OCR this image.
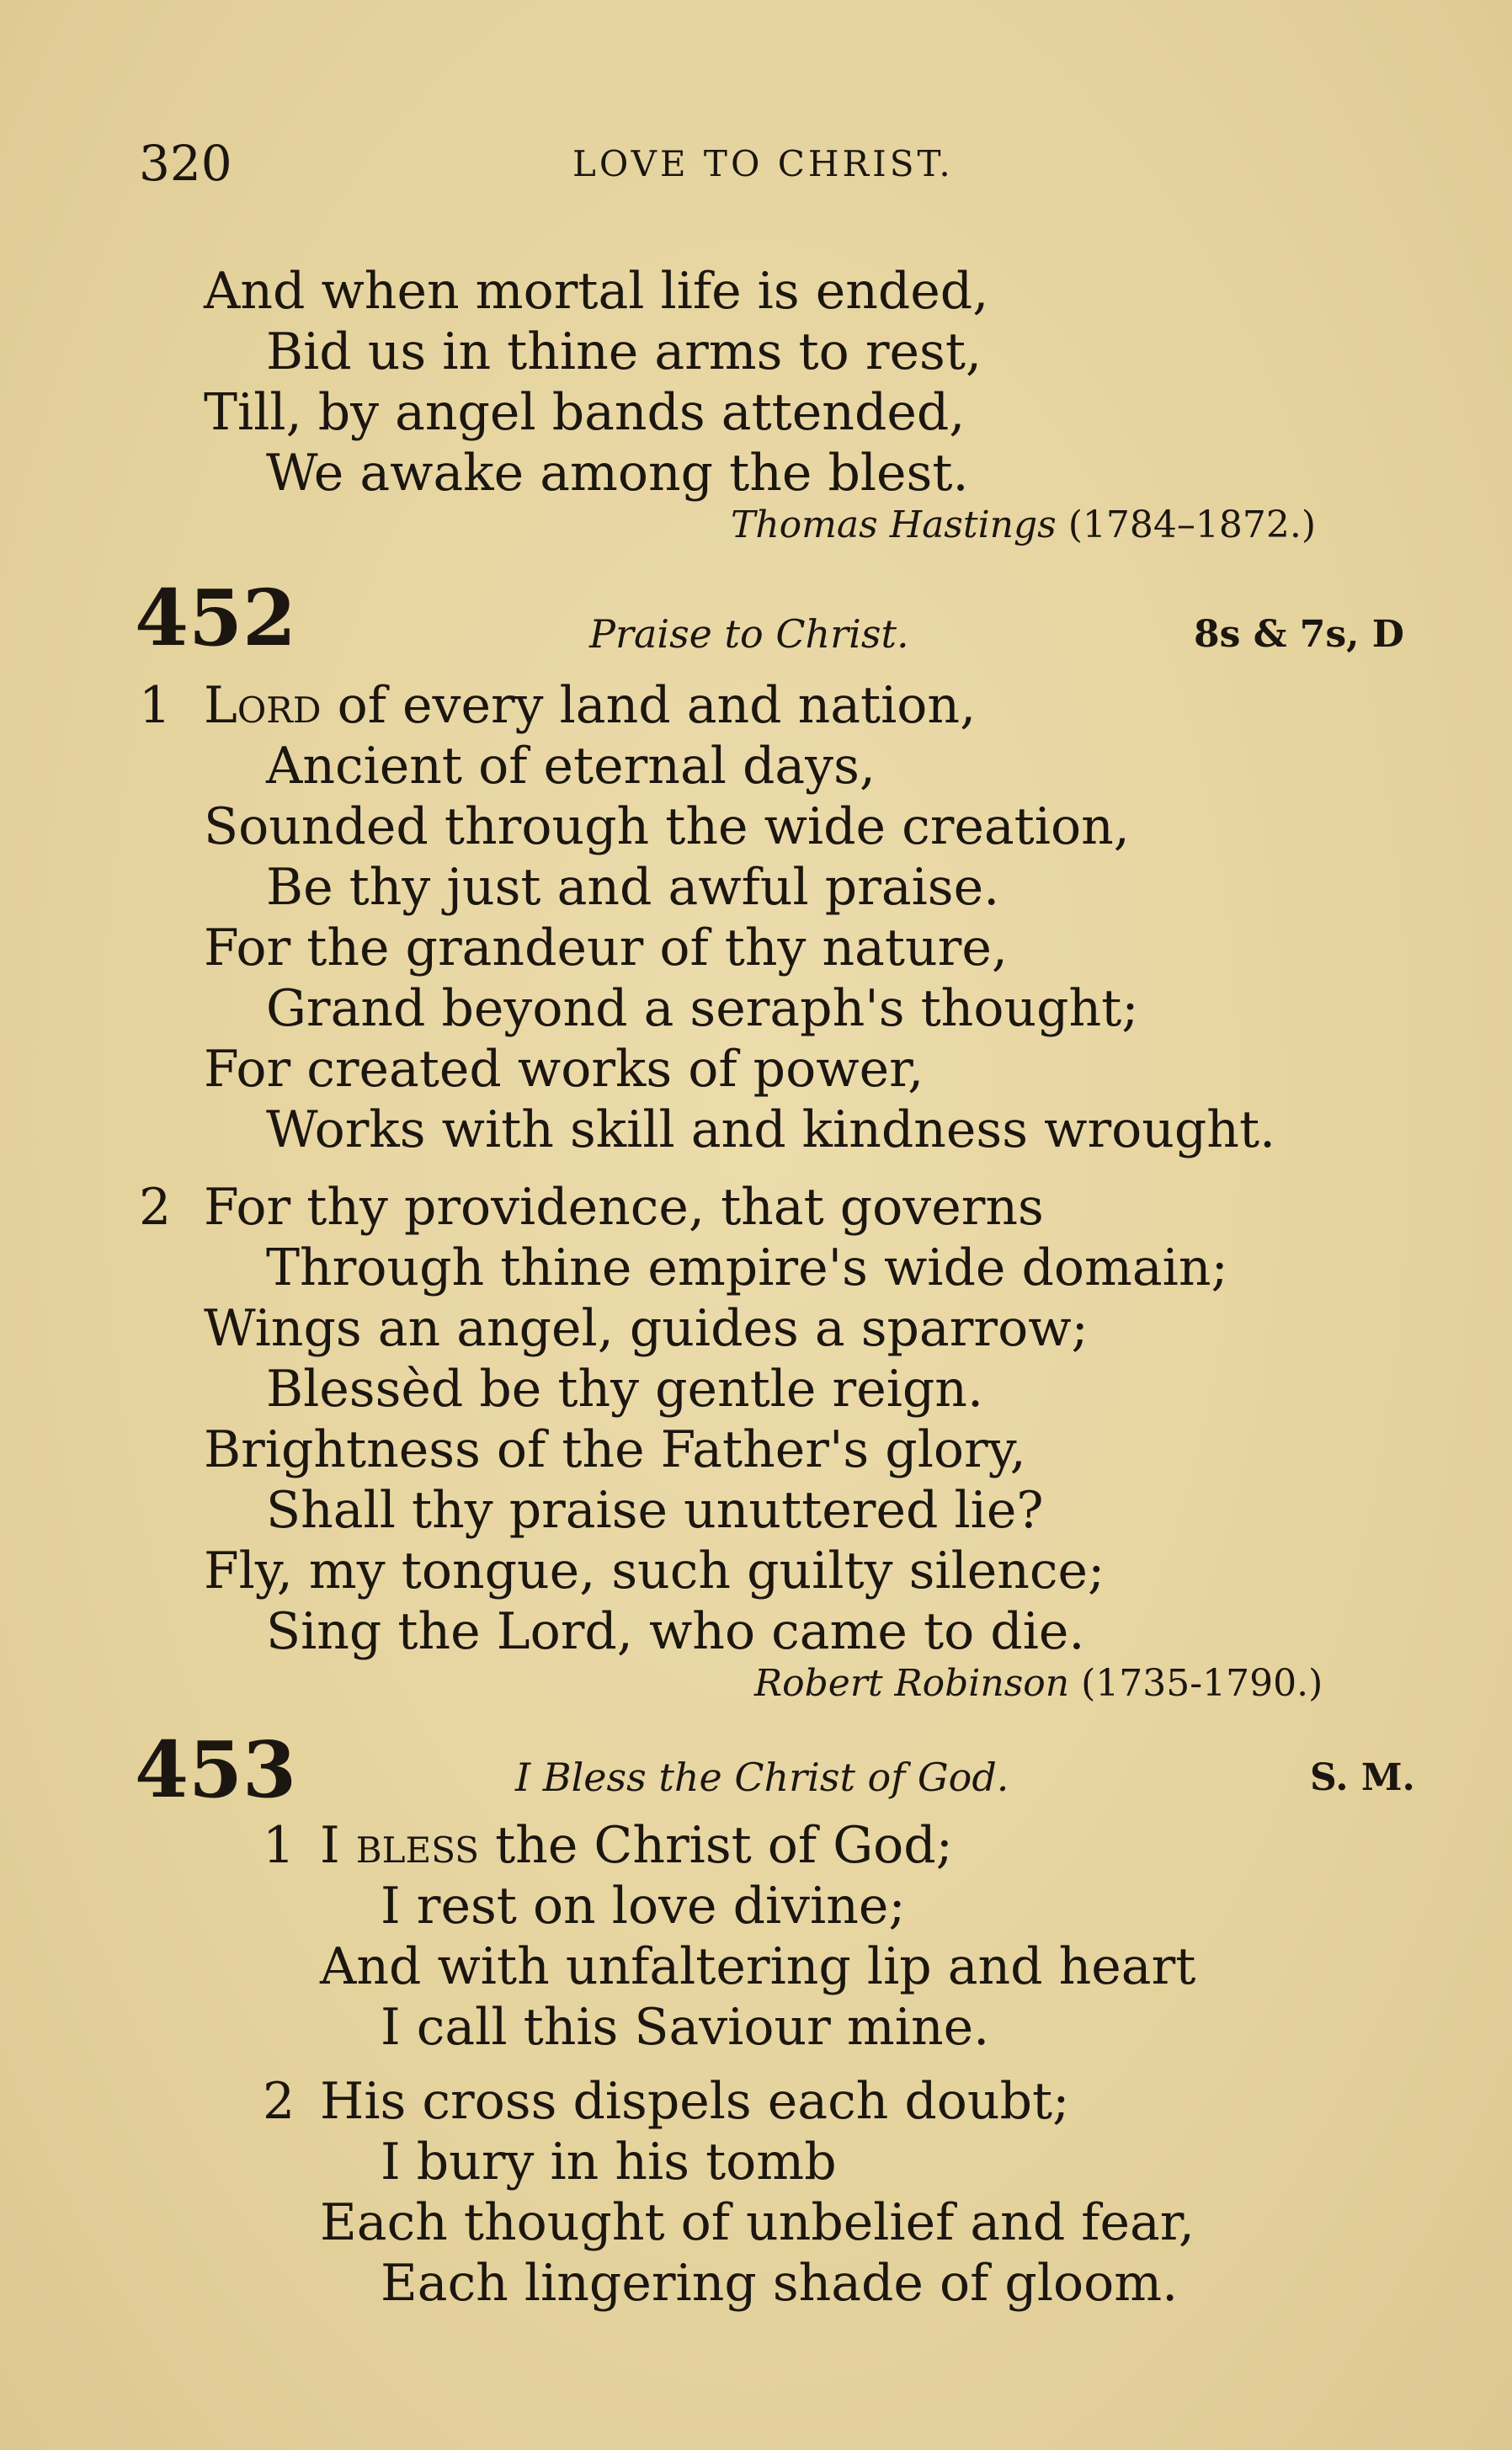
320	LOVE TO CHRIST.
And when mortal life is ended,
Bid us in thine arms to rest,
Till, by angel bands attended,
We awake among the blest.
Thomas Hastings (1784–1872.)
452	Praise to Christ.	8s & 7s, D
1 Lord of every land and nation,
Ancient of eternal days,
Sounded through the wide creation,
Be thy just and awful praise.
For the grandeur of thy nature,
Grand beyond a seraph's thought;
For created works of power,
Works with skill and kindness wrought.
2 For thy providence, that governs
Through thine empire's wide domain;
Wings an angel, guides a sparrow;
Blessèd be thy gentle reign.
Brightness of the Father's glory,
Shall thy praise unuttered lie?
Fly, my tongue, such guilty silence;
Sing the Lord, who came to die.
Robert Robinson (1735-1790.)
453	I Bless the Christ of God.	S. M.
1 I bless the Christ of God;
I rest on love divine;
And with unfaltering lip and heart
I call this Saviour mine.
2 His cross dispels each doubt;
I bury in his tomb
Each thought of unbelief and fear,
Each lingering shade of gloom.
